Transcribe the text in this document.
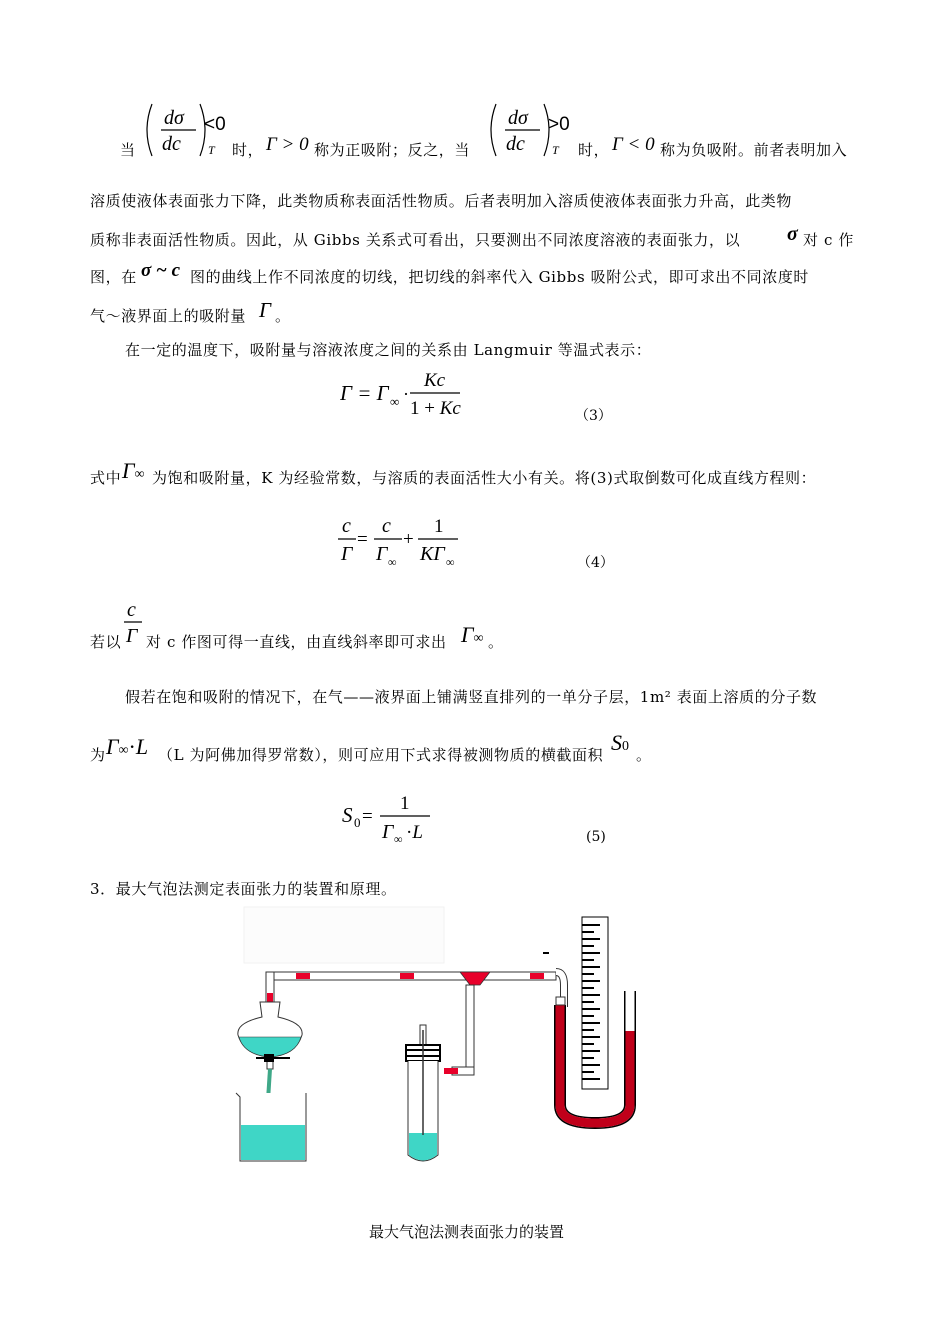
当
dσ
dc T
<0
时， Γ > 0 称为正吸附；反之，当
dσ
dc T
>0
时， Γ < 0 称为负吸附。前者表明加入
溶质使液体表面张力下降，此类物质称表面活性物质。后者表明加入溶质使液体表面张力升高，此类物
质称非表面活性物质。因此，从 Gibbs 关系式可看出，只要测出不同浓度溶液的表面张力，以 σ 对 c 作
图，在 σ ~ c 图的曲线上作不同浓度的切线，把切线的斜率代入 Gibbs 吸附公式，即可求出不同浓度时
气～液界面上的吸附量 Γ 。
在一定的温度下，吸附量与溶液浓度之间的关系由 Langmuir 等温式表示：
Γ = Γ ∞ ·
Kc
1 + Kc	（3）
式中 Γ∞ 为饱和吸附量，K 为经验常数，与溶质的表面活性大小有关。将(3)式取倒数可化成直线方程则：
c
Γ
=
c
Γ ∞
+
1
KΓ ∞	（4）
若以
c
Γ 对 c 作图可得一直线，由直线斜率即可求出 Γ∞ 。
假若在饱和吸附的情况下，在气——液界面上铺满竖直排列的一单分子层，1m² 表面上溶质的分子数
为 Γ∞·L （L 为阿佛加得罗常数），则可应用下式求得被测物质的横截面积 S0 。
S 0 =
1
Γ ∞ ·L	(5)
3．最大气泡法测定表面张力的装置和原理。
最大气泡法测表面张力的装置
